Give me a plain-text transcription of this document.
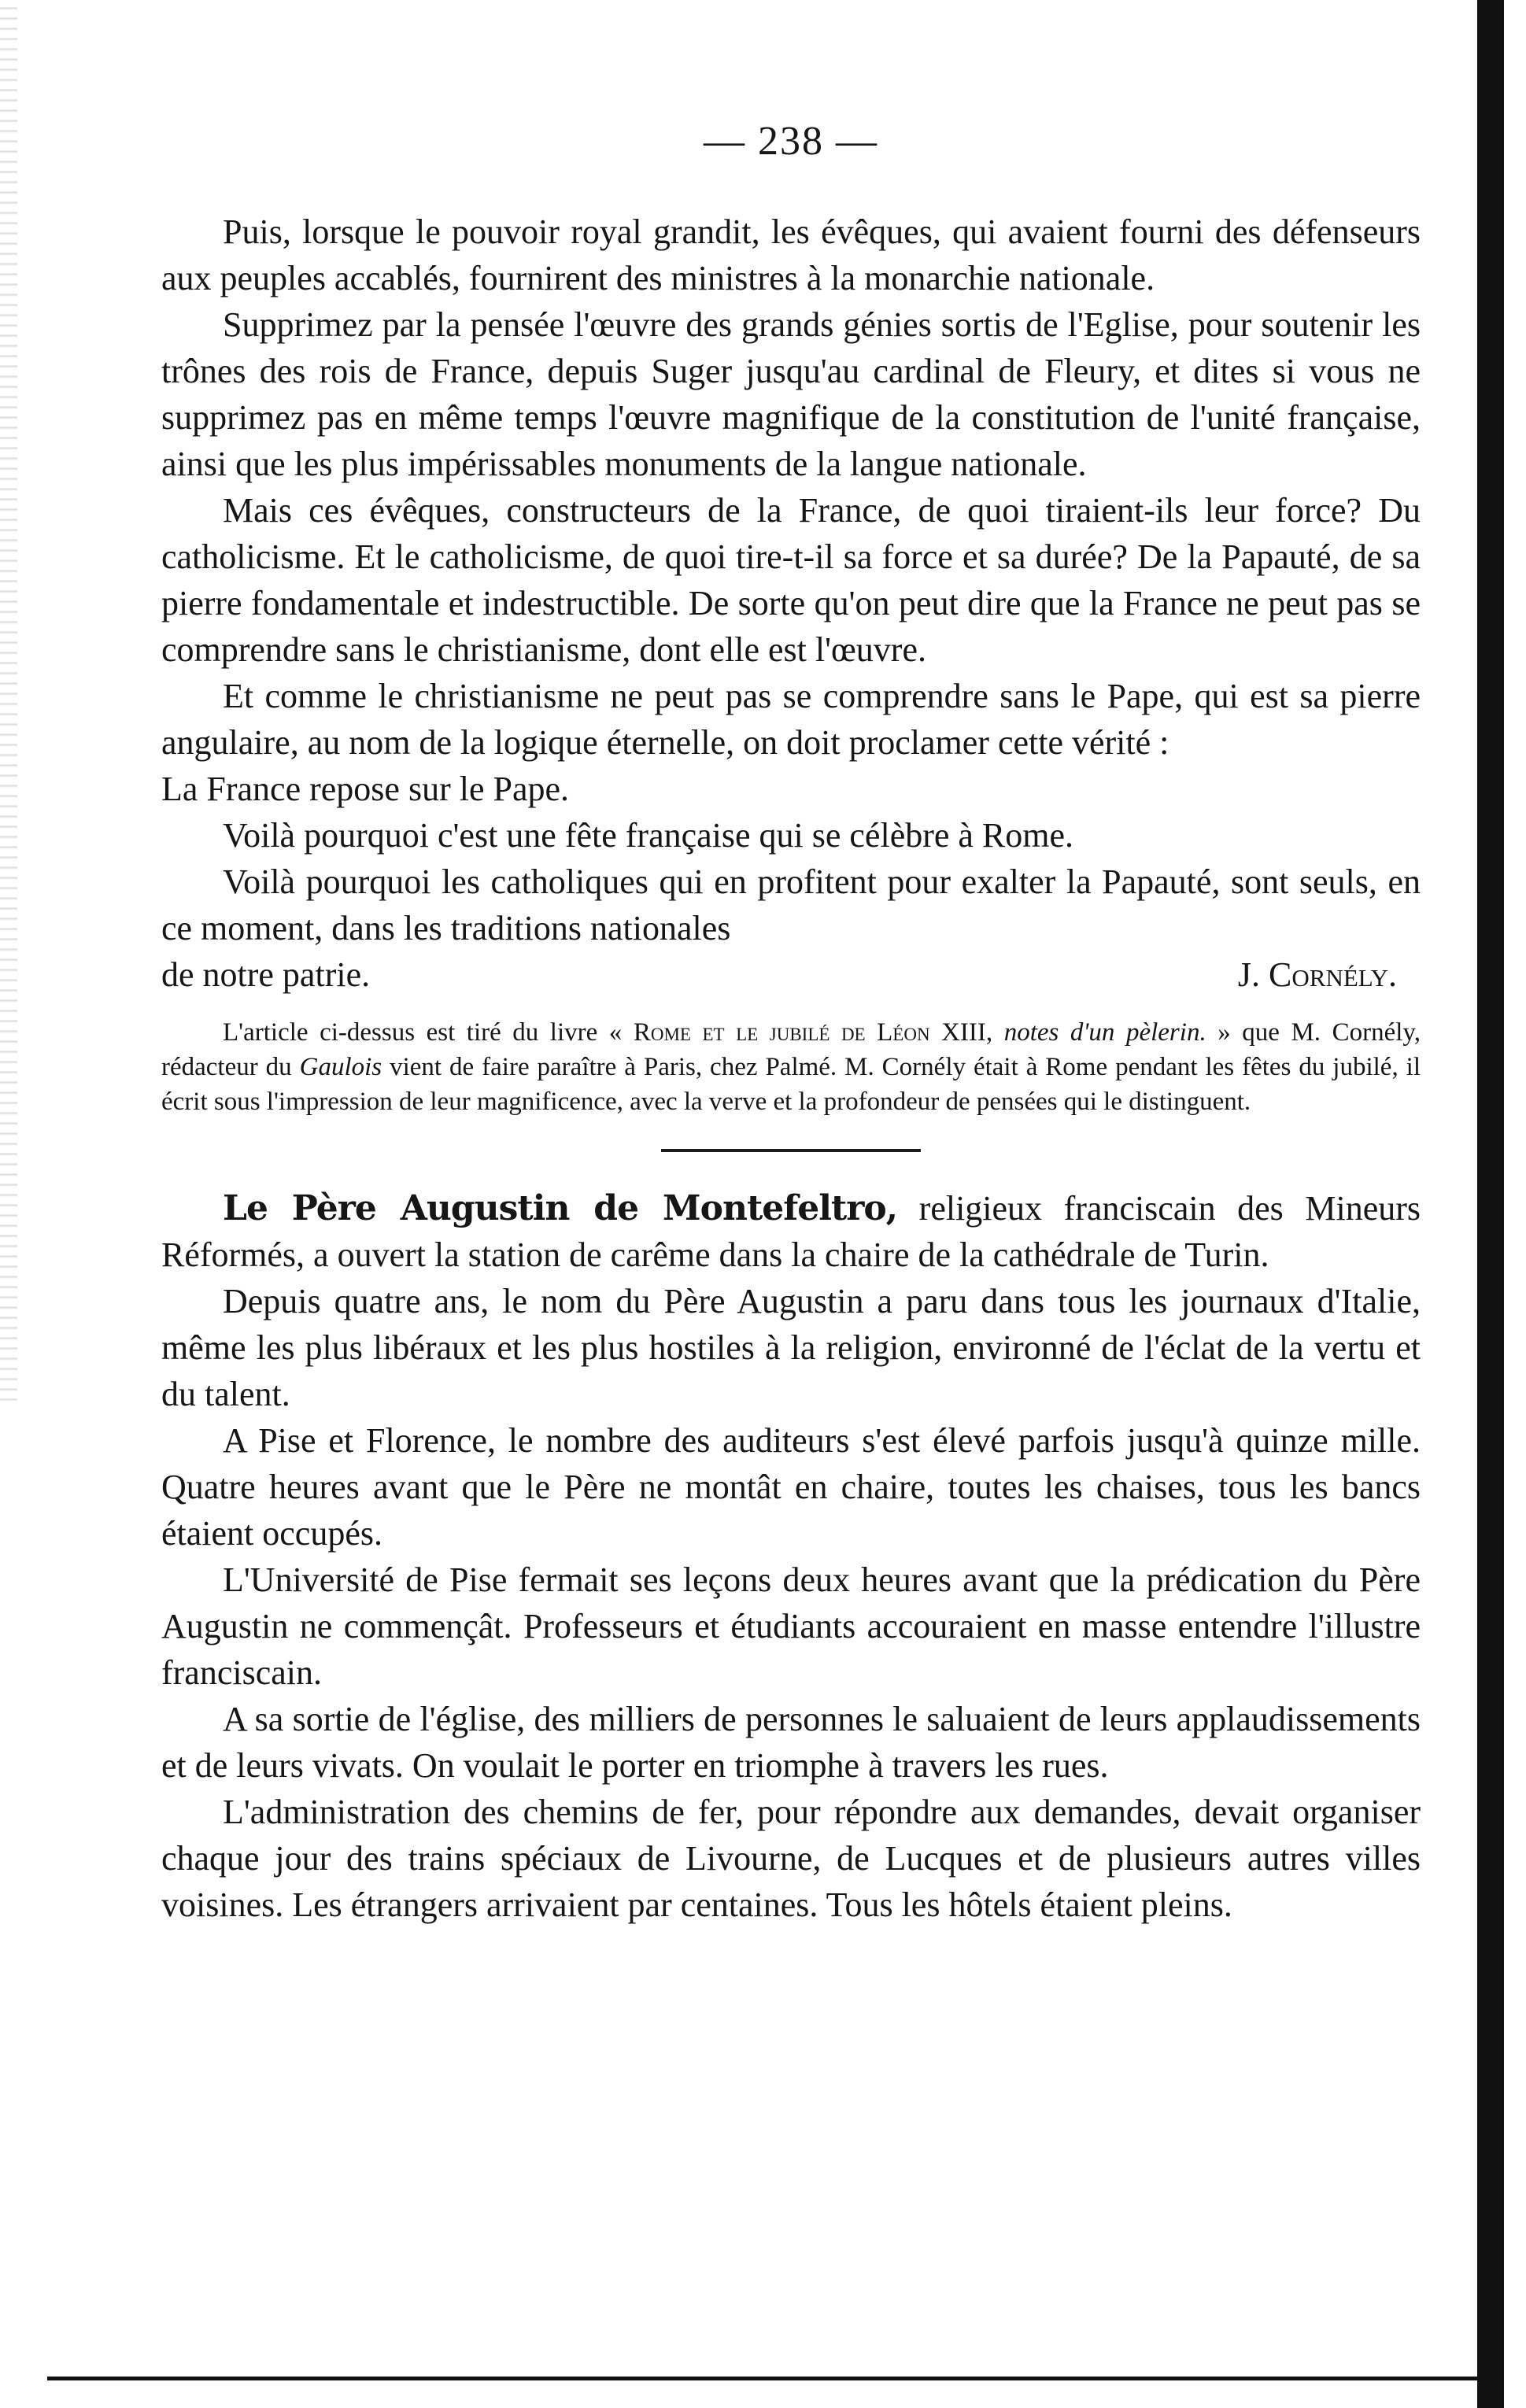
— 238 —

Puis, lorsque le pouvoir royal grandit, les évêques, qui avaient fourni des défenseurs aux peuples accablés, fournirent des ministres à la monarchie nationale.

Supprimez par la pensée l'œuvre des grands génies sortis de l'Eglise, pour soutenir les trônes des rois de France, depuis Suger jusqu'au cardinal de Fleury, et dites si vous ne supprimez pas en même temps l'œuvre magnifique de la constitution de l'unité française, ainsi que les plus impérissables monuments de la langue nationale.

Mais ces évêques, constructeurs de la France, de quoi tiraient-ils leur force? Du catholicisme. Et le catholicisme, de quoi tire-t-il sa force et sa durée? De la Papauté, de sa pierre fondamentale et indestructible. De sorte qu'on peut dire que la France ne peut pas se comprendre sans le christianisme, dont elle est l'œuvre.

Et comme le christianisme ne peut pas se comprendre sans le Pape, qui est sa pierre angulaire, au nom de la logique éternelle, on doit proclamer cette vérité :

La France repose sur le Pape.

Voilà pourquoi c'est une fête française qui se célèbre à Rome.

Voilà pourquoi les catholiques qui en profitent pour exalter la Papauté, sont seuls, en ce moment, dans les traditions nationales

de notre patrie.	J. Cornély.

L'article ci-dessus est tiré du livre « Rome et le jubilé de Léon XIII, notes d'un pèlerin. » que M. Cornély, rédacteur du Gaulois vient de faire paraître à Paris, chez Palmé. M. Cornély était à Rome pendant les fêtes du jubilé, il écrit sous l'impression de leur magnificence, avec la verve et la profondeur de pensées qui le distinguent.

Le Père Augustin de Montefeltro, religieux franciscain des Mineurs Réformés, a ouvert la station de carême dans la chaire de la cathédrale de Turin.

Depuis quatre ans, le nom du Père Augustin a paru dans tous les journaux d'Italie, même les plus libéraux et les plus hostiles à la religion, environné de l'éclat de la vertu et du talent.

A Pise et Florence, le nombre des auditeurs s'est élevé parfois jusqu'à quinze mille. Quatre heures avant que le Père ne montât en chaire, toutes les chaises, tous les bancs étaient occupés.

L'Université de Pise fermait ses leçons deux heures avant que la prédication du Père Augustin ne commençât. Professeurs et étudiants accouraient en masse entendre l'illustre franciscain.

A sa sortie de l'église, des milliers de personnes le saluaient de leurs applaudissements et de leurs vivats. On voulait le porter en triomphe à travers les rues.

L'administration des chemins de fer, pour répondre aux demandes, devait organiser chaque jour des trains spéciaux de Livourne, de Lucques et de plusieurs autres villes voisines. Les étrangers arrivaient par centaines. Tous les hôtels étaient pleins.
